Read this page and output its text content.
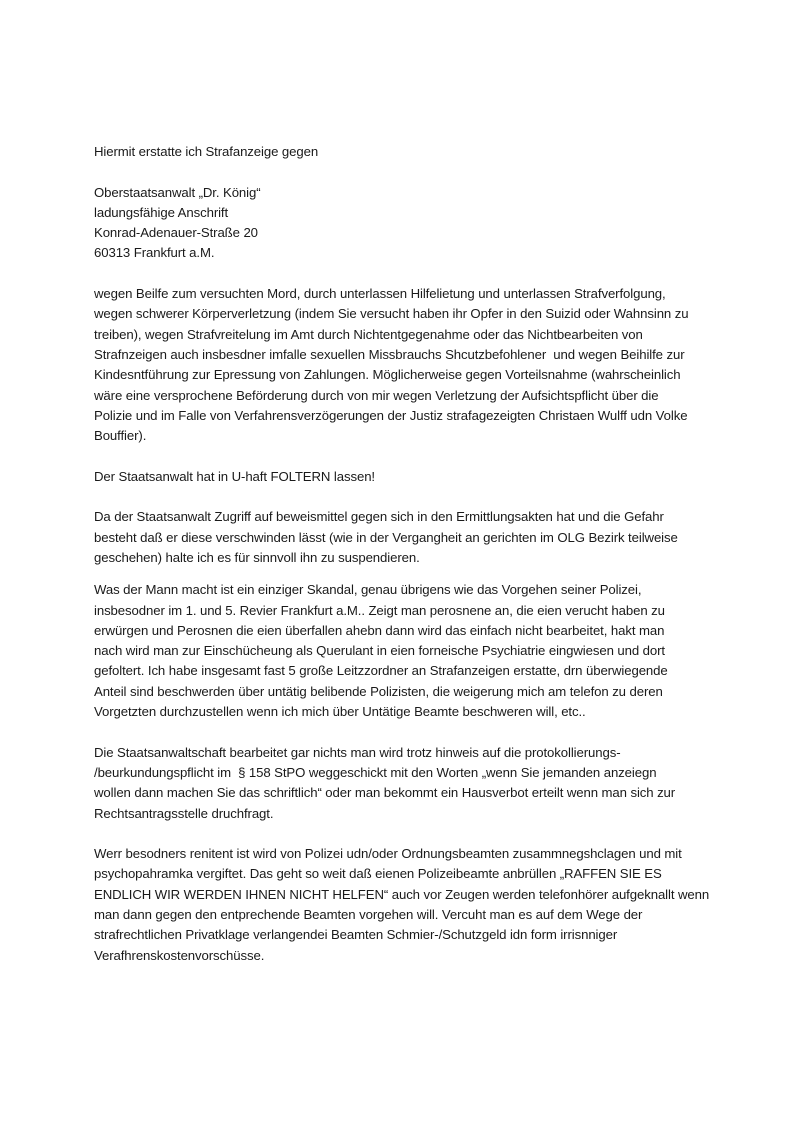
Hiermit erstatte ich Strafanzeige gegen
Oberstaatsanwalt „Dr. König“
ladungsfähige Anschrift
Konrad-Adenauer-Straße 20
60313 Frankfurt a.M.
wegen Beilfe zum versuchten Mord, durch unterlassen Hilfelietung und unterlassen Strafverfolgung,
wegen schwerer Körperverletzung (indem Sie versucht haben ihr Opfer in den Suizid oder Wahnsinn zu
treiben), wegen Strafvreitelung im Amt durch Nichtentgegenahme oder das Nichtbearbeiten von
Strafnzeigen auch insbesdner imfalle sexuellen Missbrauchs Shcutzbefohlener  und wegen Beihilfe zur
Kindesntführung zur Epressung von Zahlungen. Möglicherweise gegen Vorteilsnahme (wahrscheinlich
wäre eine versprochene Beförderung durch von mir wegen Verletzung der Aufsichtspflicht über die
Polizie und im Falle von Verfahrensverzögerungen der Justiz strafagezeigten Christaen Wulff udn Volke
Bouffier).
Der Staatsanwalt hat in U-haft FOLTERN lassen!
Da der Staatsanwalt Zugriff auf beweismittel gegen sich in den Ermittlungsakten hat und die Gefahr
besteht daß er diese verschwinden lässt (wie in der Vergangheit an gerichten im OLG Bezirk teilweise
geschehen) halte ich es für sinnvoll ihn zu suspendieren.
Was der Mann macht ist ein einziger Skandal, genau übrigens wie das Vorgehen seiner Polizei,
insbesodner im 1. und 5. Revier Frankfurt a.M.. Zeigt man perosnene an, die eien verucht haben zu
erwürgen und Perosnen die eien überfallen ahebn dann wird das einfach nicht bearbeitet, hakt man
nach wird man zur Einschücheung als Querulant in eien forneische Psychiatrie eingwiesen und dort
gefoltert. Ich habe insgesamt fast 5 große Leitzzordner an Strafanzeigen erstatte, drn überwiegende
Anteil sind beschwerden über untätig belibende Polizisten, die weigerung mich am telefon zu deren
Vorgetzten durchzustellen wenn ich mich über Untätige Beamte beschweren will, etc..
Die Staatsanwaltschaft bearbeitet gar nichts man wird trotz hinweis auf die protokollierungs-
/beurkundungspflicht im  § 158 StPO weggeschickt mit den Worten „wenn Sie jemanden anzeiegn
wollen dann machen Sie das schriftlich“ oder man bekommt ein Hausverbot erteilt wenn man sich zur
Rechtsantragsstelle druchfragt.
Werr besodners renitent ist wird von Polizei udn/oder Ordnungsbeamten zusammnegshclagen und mit
psychopahramka vergiftet. Das geht so weit daß eienen Polizeibeamte anbrüllen „RAFFEN SIE ES
ENDLICH WIR WERDEN IHNEN NICHT HELFEN“ auch vor Zeugen werden telefonhörer aufgeknallt wenn
man dann gegen den entprechende Beamten vorgehen will. Vercuht man es auf dem Wege der
strafrechtlichen Privatklage verlangendei Beamten Schmier-/Schutzgeld idn form irrisnniger
Verafhrenskostenvorschüsse.
